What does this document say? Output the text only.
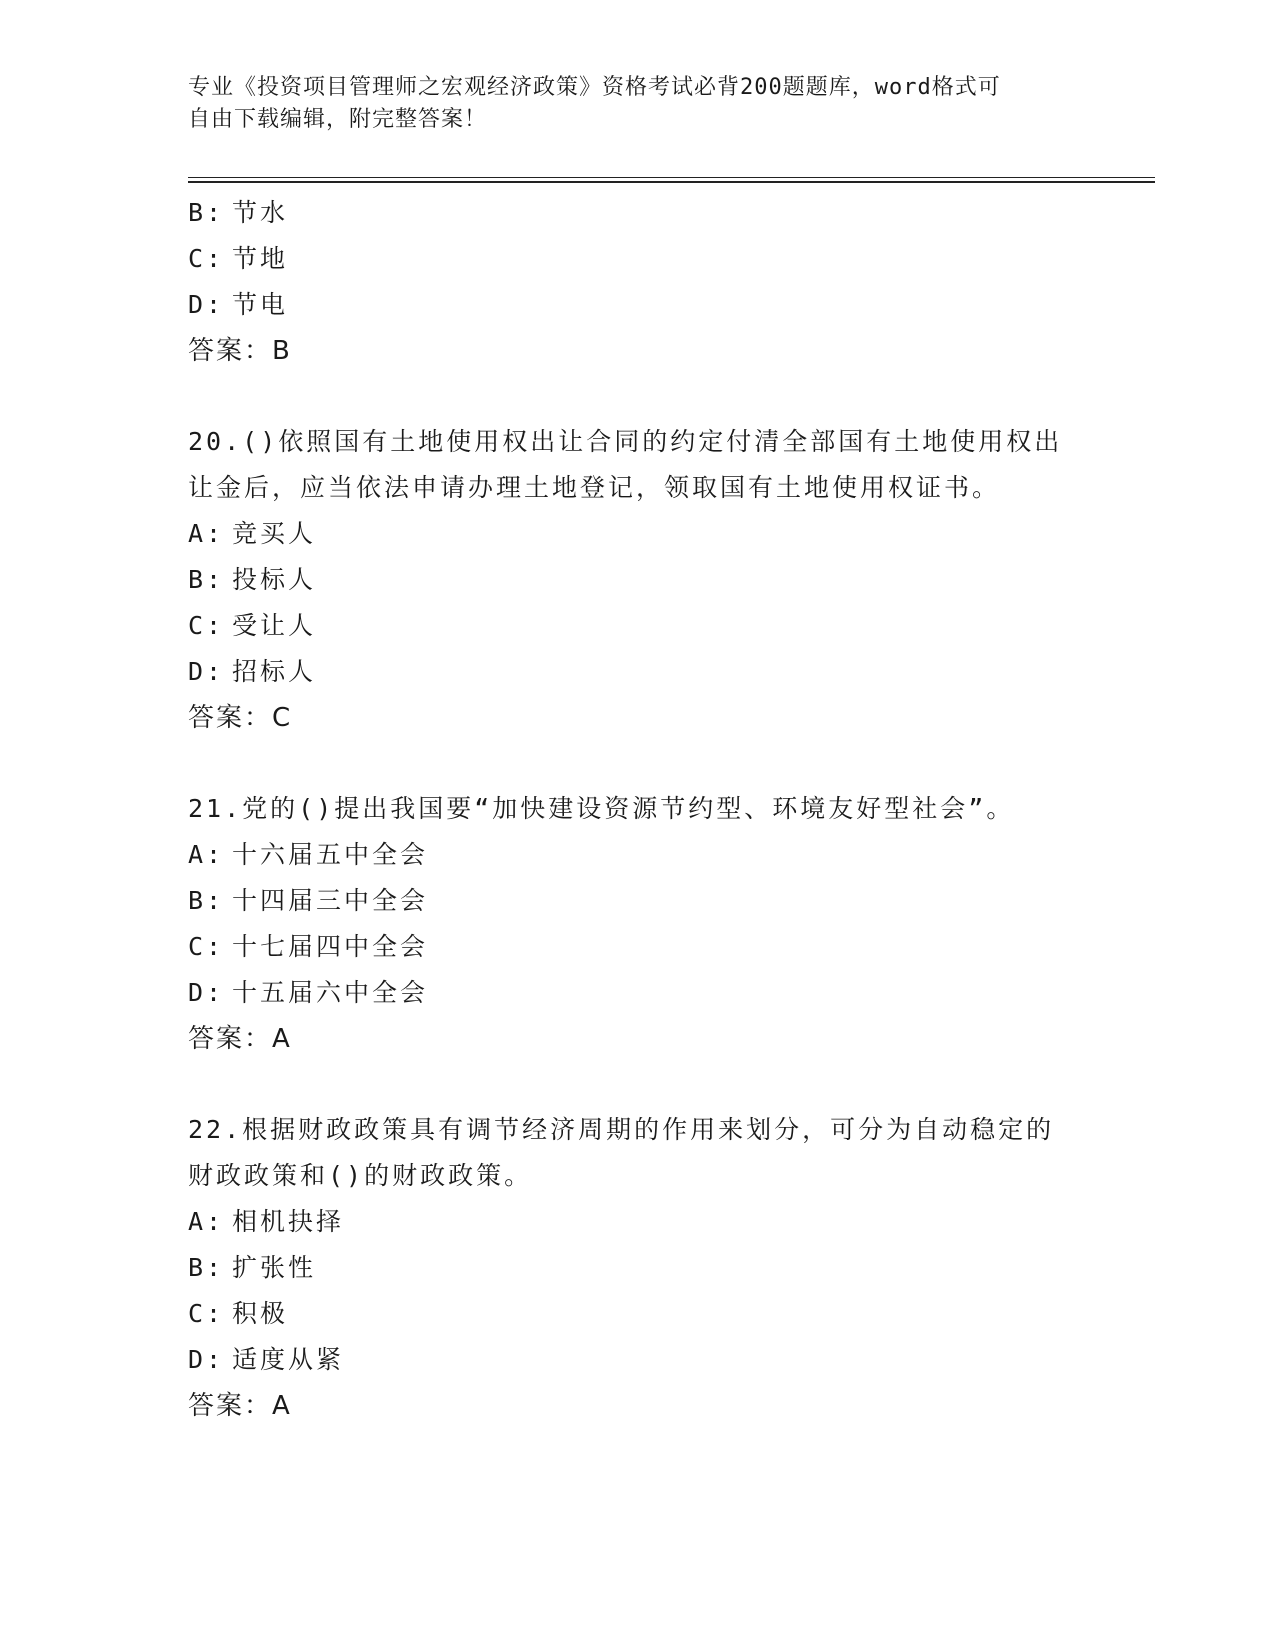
专业《投资项目管理师之宏观经济政策》资格考试必背200题题库，word格式可
自由下载编辑，附完整答案！
B: 节水
C: 节地
D: 节电
答案：B
20.()依照国有土地使用权出让合同的约定付清全部国有土地使用权出
让金后，应当依法申请办理土地登记，领取国有土地使用权证书。
A: 竞买人
B: 投标人
C: 受让人
D: 招标人
答案：C
21.党的()提出我国要“加快建设资源节约型、环境友好型社会”。
A: 十六届五中全会
B: 十四届三中全会
C: 十七届四中全会
D: 十五届六中全会
答案：A
22.根据财政政策具有调节经济周期的作用来划分，可分为自动稳定的
财政政策和()的财政政策。
A: 相机抉择
B: 扩张性
C: 积极
D: 适度从紧
答案：A
